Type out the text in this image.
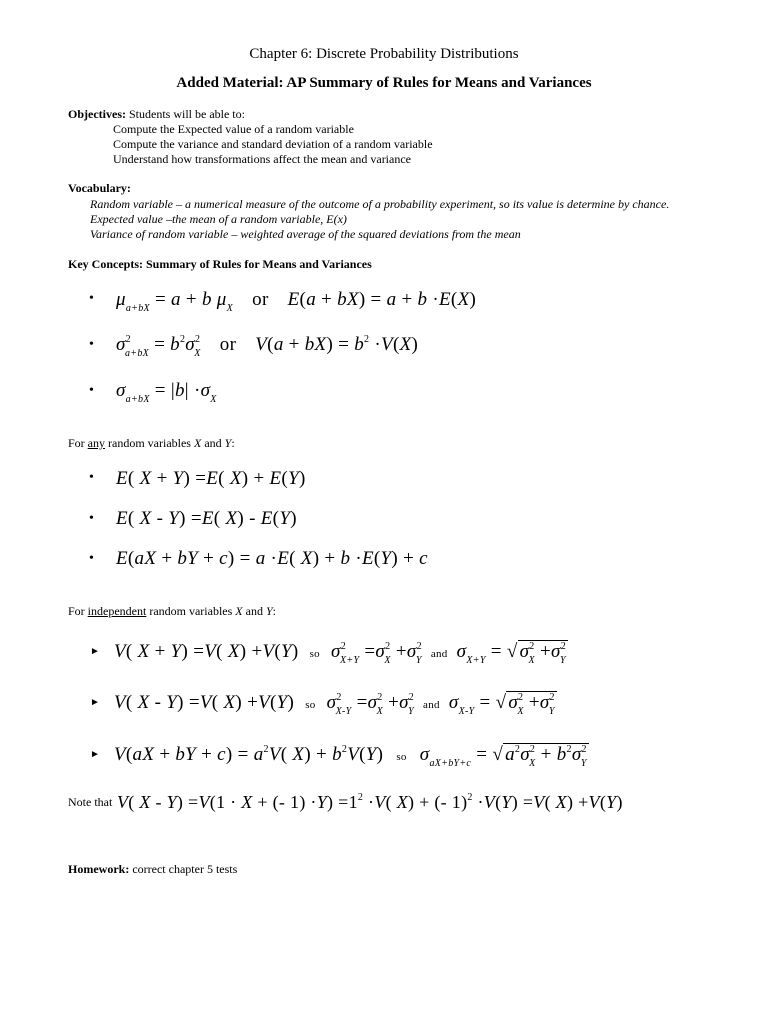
Chapter 6: Discrete Probability Distributions
Added Material: AP Summary of Rules for Means and Variances
Objectives: Students will be able to:
Compute the Expected value of a random variable
Compute the variance and standard deviation of a random variable
Understand how transformations affect the mean and variance
Vocabulary:
Random variable – a numerical measure of the outcome of a probability experiment, so its value is determine by chance.
Expected value –the mean of a random variable, E(x)
Variance of random variable – weighted average of the squared deviations from the mean
Key Concepts: Summary of Rules for Means and Variances
• $\mu_{a+bX} = a + b$ $\mu_X$ or E(a + bX) = a + b ·E(X)
• $\sigma^2_{a+bX} = b^2\sigma^2_X$ or $V(a + bX) = b^2 \cdot V(X)$
• $\sigma_{a+bX} = |b| \cdot\sigma_X$
For any random variables X and Y:
• E( X + Y) =E( X) + E(Y)
• E( X - Y) =E( X) - E(Y)
• E(aX + bY + c) = a ·E( X) + b ·E(Y) + c
For independent random variables X and Y:
► V( X + Y) =V( X) +V(Y) so $\sigma^2_{X+Y} =\sigma^2_X +\sigma^2_Y$ and $\sigma_{X+Y}$ = √ $\sigma^2_X +\sigma^2_Y$
► V( X - Y) =V( X) +V(Y) so $\sigma^2_{X-Y} =\sigma^2_X +\sigma^2_Y$ and $\sigma_{X-Y}$ = √ $\sigma^2_X +\sigma^2_Y$
► V(aX + bY + $c) = a^2V$( $X) + b^2V(Y)$ so $\sigma_{aX+bY+c}$ = √ $a^2\sigma^2_X + b^2\sigma^2_Y$
Note that V( X - Y) =V(1 · X + (- $1) \cdot Y) =1^2 \cdot V$( X) + (- 1)$^2$ ·V(Y) =V( X) +V(Y)
Homework: correct chapter 5 tests
